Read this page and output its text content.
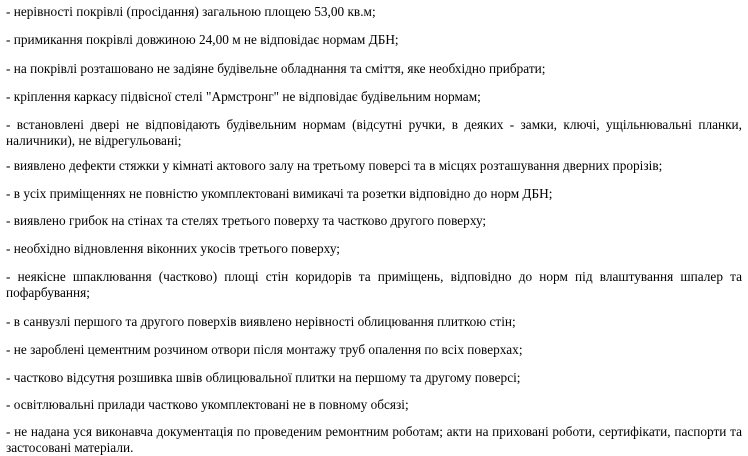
- нерівності покрівлі (просідання) загальною площею 53,00 кв.м;

- примикання покрівлі довжиною 24,00 м не відповідає нормам ДБН;

- на покрівлі розташовано не задіяне будівельне обладнання та сміття, яке необхідно прибрати;

- кріплення каркасу підвісної стелі "Армстронг" не відповідає будівельним нормам;

- встановлені двері не відповідають будівельним нормам (відсутні ручки, в деяких - замки, ключі, ущільнювальні планки, наличники), не відрегульовані;

- виявлено дефекти стяжки у кімнаті актового залу на третьому поверсі та в місцях розташування дверних прорізів;

- в усіх приміщеннях не повністю укомплектовані вимикачі та розетки відповідно до норм ДБН;

- виявлено грибок на стінах та стелях третього поверху та частково другого поверху;

- необхідно відновлення віконних укосів третього поверху;

- неякісне шпаклювання (частково) площі стін коридорів та приміщень, відповідно до норм під влаштування шпалер та пофарбування;

- в санвузлі першого та другого поверхів виявлено нерівності облицювання плиткою стін;

- не зароблені цементним розчином отвори після монтажу труб опалення по всіх поверхах;

- частково відсутня розшивка швів облицювальної плитки на першому та другому поверсі;

- освітлювальні прилади частково укомплектовані не в повному обсязі;

- не надана уся виконавча документація по проведеним ремонтним роботам; акти на приховані роботи, сертифікати, паспорти та застосовані матеріали.
